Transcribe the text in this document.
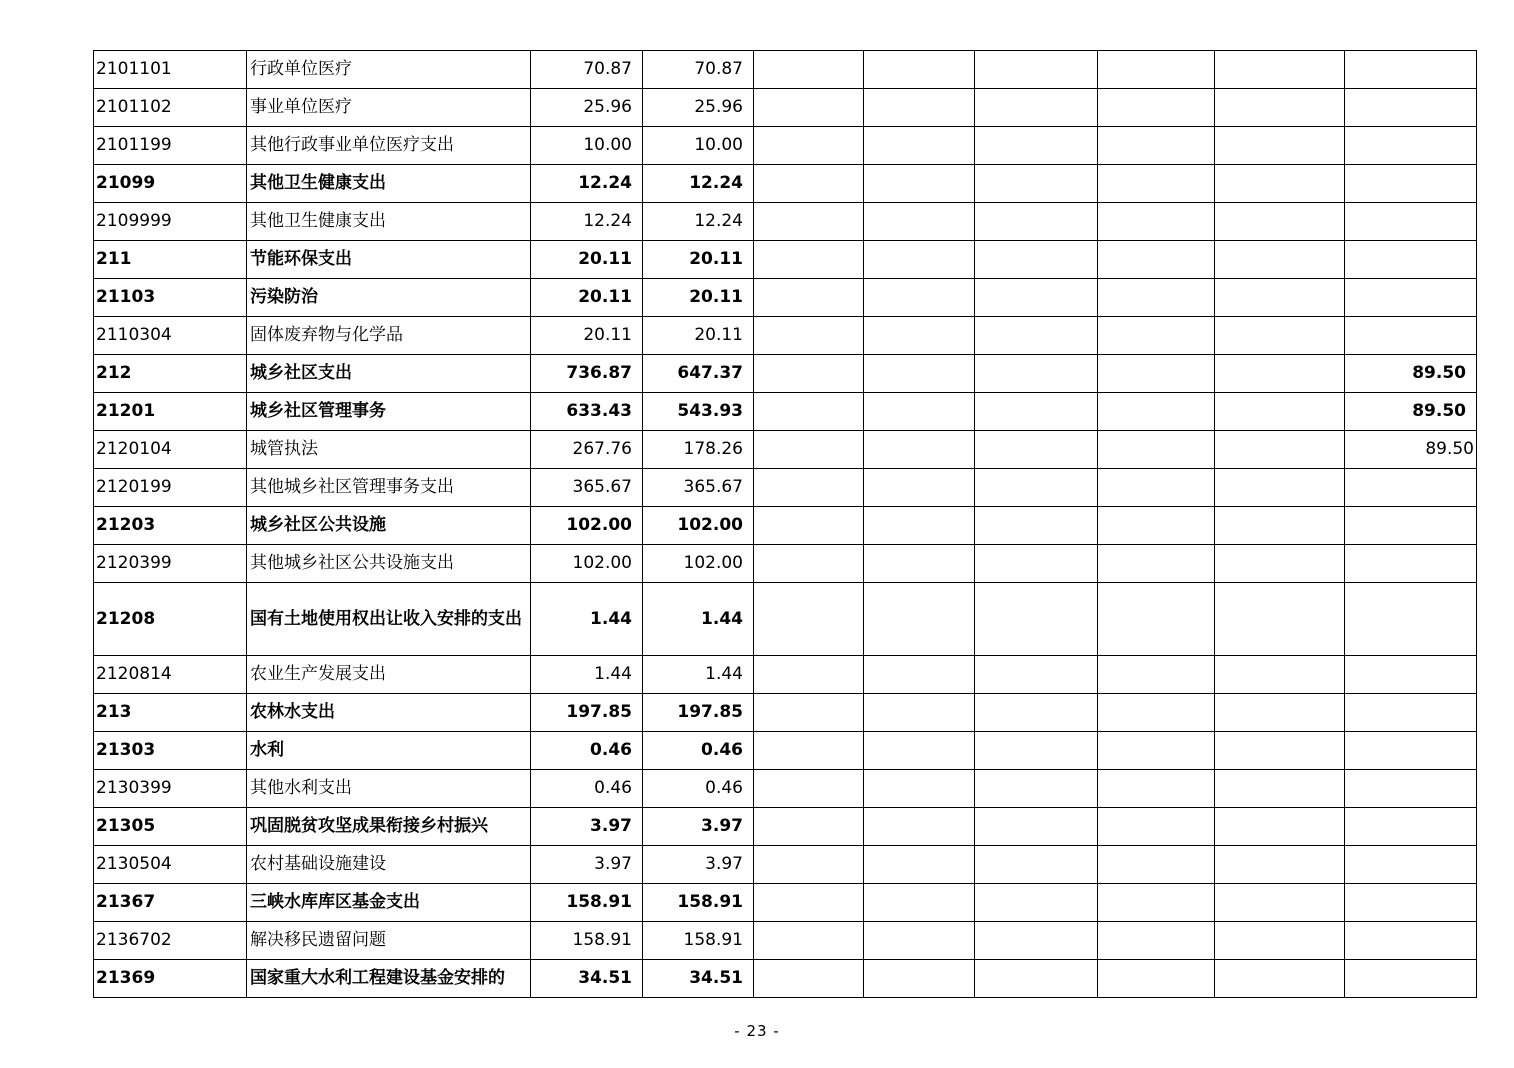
2101101	行政单位医疗	70.87	70.87						
2101102	事业单位医疗	25.96	25.96						
2101199	其他行政事业单位医疗支出	10.00	10.00						
21099	其他卫生健康支出	12.24	12.24						
2109999	其他卫生健康支出	12.24	12.24						
211	节能环保支出	20.11	20.11						
21103	污染防治	20.11	20.11						
2110304	固体废弃物与化学品	20.11	20.11						
212	城乡社区支出	736.87	647.37						89.50
21201	城乡社区管理事务	633.43	543.93						89.50
2120104	城管执法	267.76	178.26						89.50
2120199	其他城乡社区管理事务支出	365.67	365.67						
21203	城乡社区公共设施	102.00	102.00						
2120399	其他城乡社区公共设施支出	102.00	102.00						
21208	国有土地使用权出让收入安排的支出	1.44	1.44						
2120814	农业生产发展支出	1.44	1.44						
213	农林水支出	197.85	197.85						
21303	水利	0.46	0.46						
2130399	其他水利支出	0.46	0.46						
21305	巩固脱贫攻坚成果衔接乡村振兴	3.97	3.97						
2130504	农村基础设施建设	3.97	3.97						
21367	三峡水库库区基金支出	158.91	158.91						
2136702	解决移民遗留问题	158.91	158.91						
21369	国家重大水利工程建设基金安排的	34.51	34.51						
- 23 -
